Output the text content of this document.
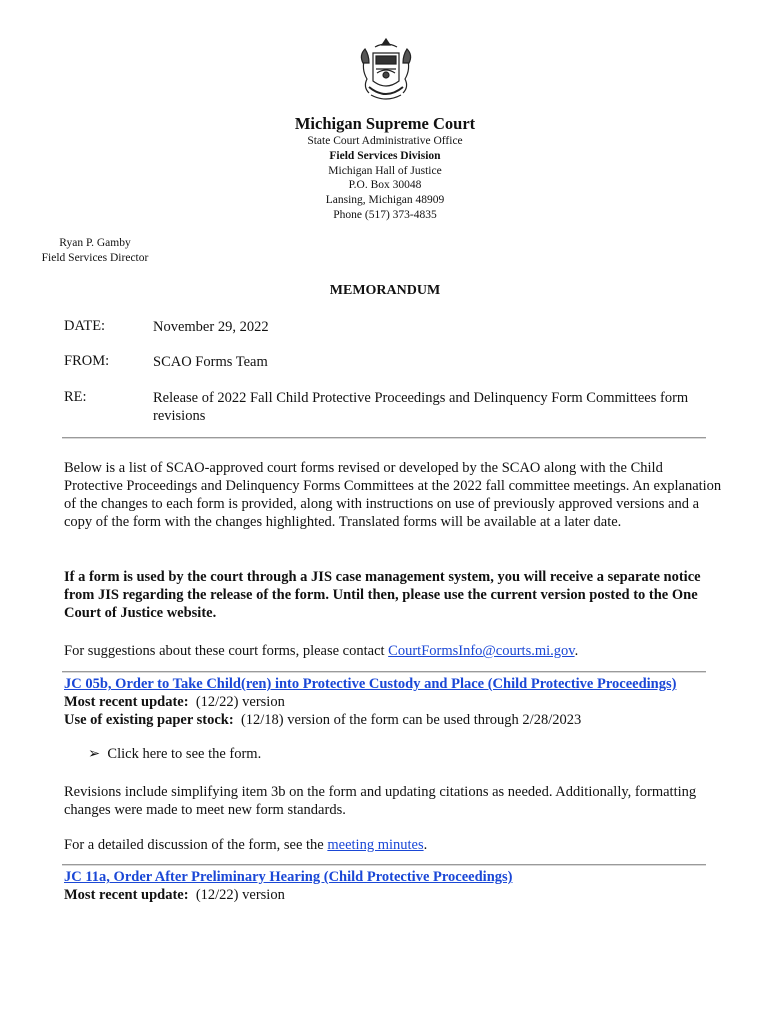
Michigan Supreme Court
State Court Administrative Office
Field Services Division
Michigan Hall of Justice
P.O. Box 30048
Lansing, Michigan 48909
Phone (517) 373-4835
Ryan P. Gamby
Field Services Director
MEMORANDUM
DATE:	November 29, 2022
FROM:	SCAO Forms Team
RE:	Release of 2022 Fall Child Protective Proceedings and Delinquency Form Committees form revisions
Below is a list of SCAO-approved court forms revised or developed by the SCAO along with the Child Protective Proceedings and Delinquency Forms Committees at the 2022 fall committee meetings. An explanation of the changes to each form is provided, along with instructions on use of previously approved versions and a copy of the form with the changes highlighted. Translated forms will be available at a later date.
If a form is used by the court through a JIS case management system, you will receive a separate notice from JIS regarding the release of the form. Until then, please use the current version posted to the One Court of Justice website.
For suggestions about these court forms, please contact CourtFormsInfo@courts.mi.gov.
JC 05b, Order to Take Child(ren) into Protective Custody and Place (Child Protective Proceedings)
Most recent update: (12/22) version
Use of existing paper stock: (12/18) version of the form can be used through 2/28/2023
➢ Click here to see the form.
Revisions include simplifying item 3b on the form and updating citations as needed. Additionally, formatting changes were made to meet new form standards.
For a detailed discussion of the form, see the meeting minutes.
JC 11a, Order After Preliminary Hearing (Child Protective Proceedings)
Most recent update: (12/22) version
